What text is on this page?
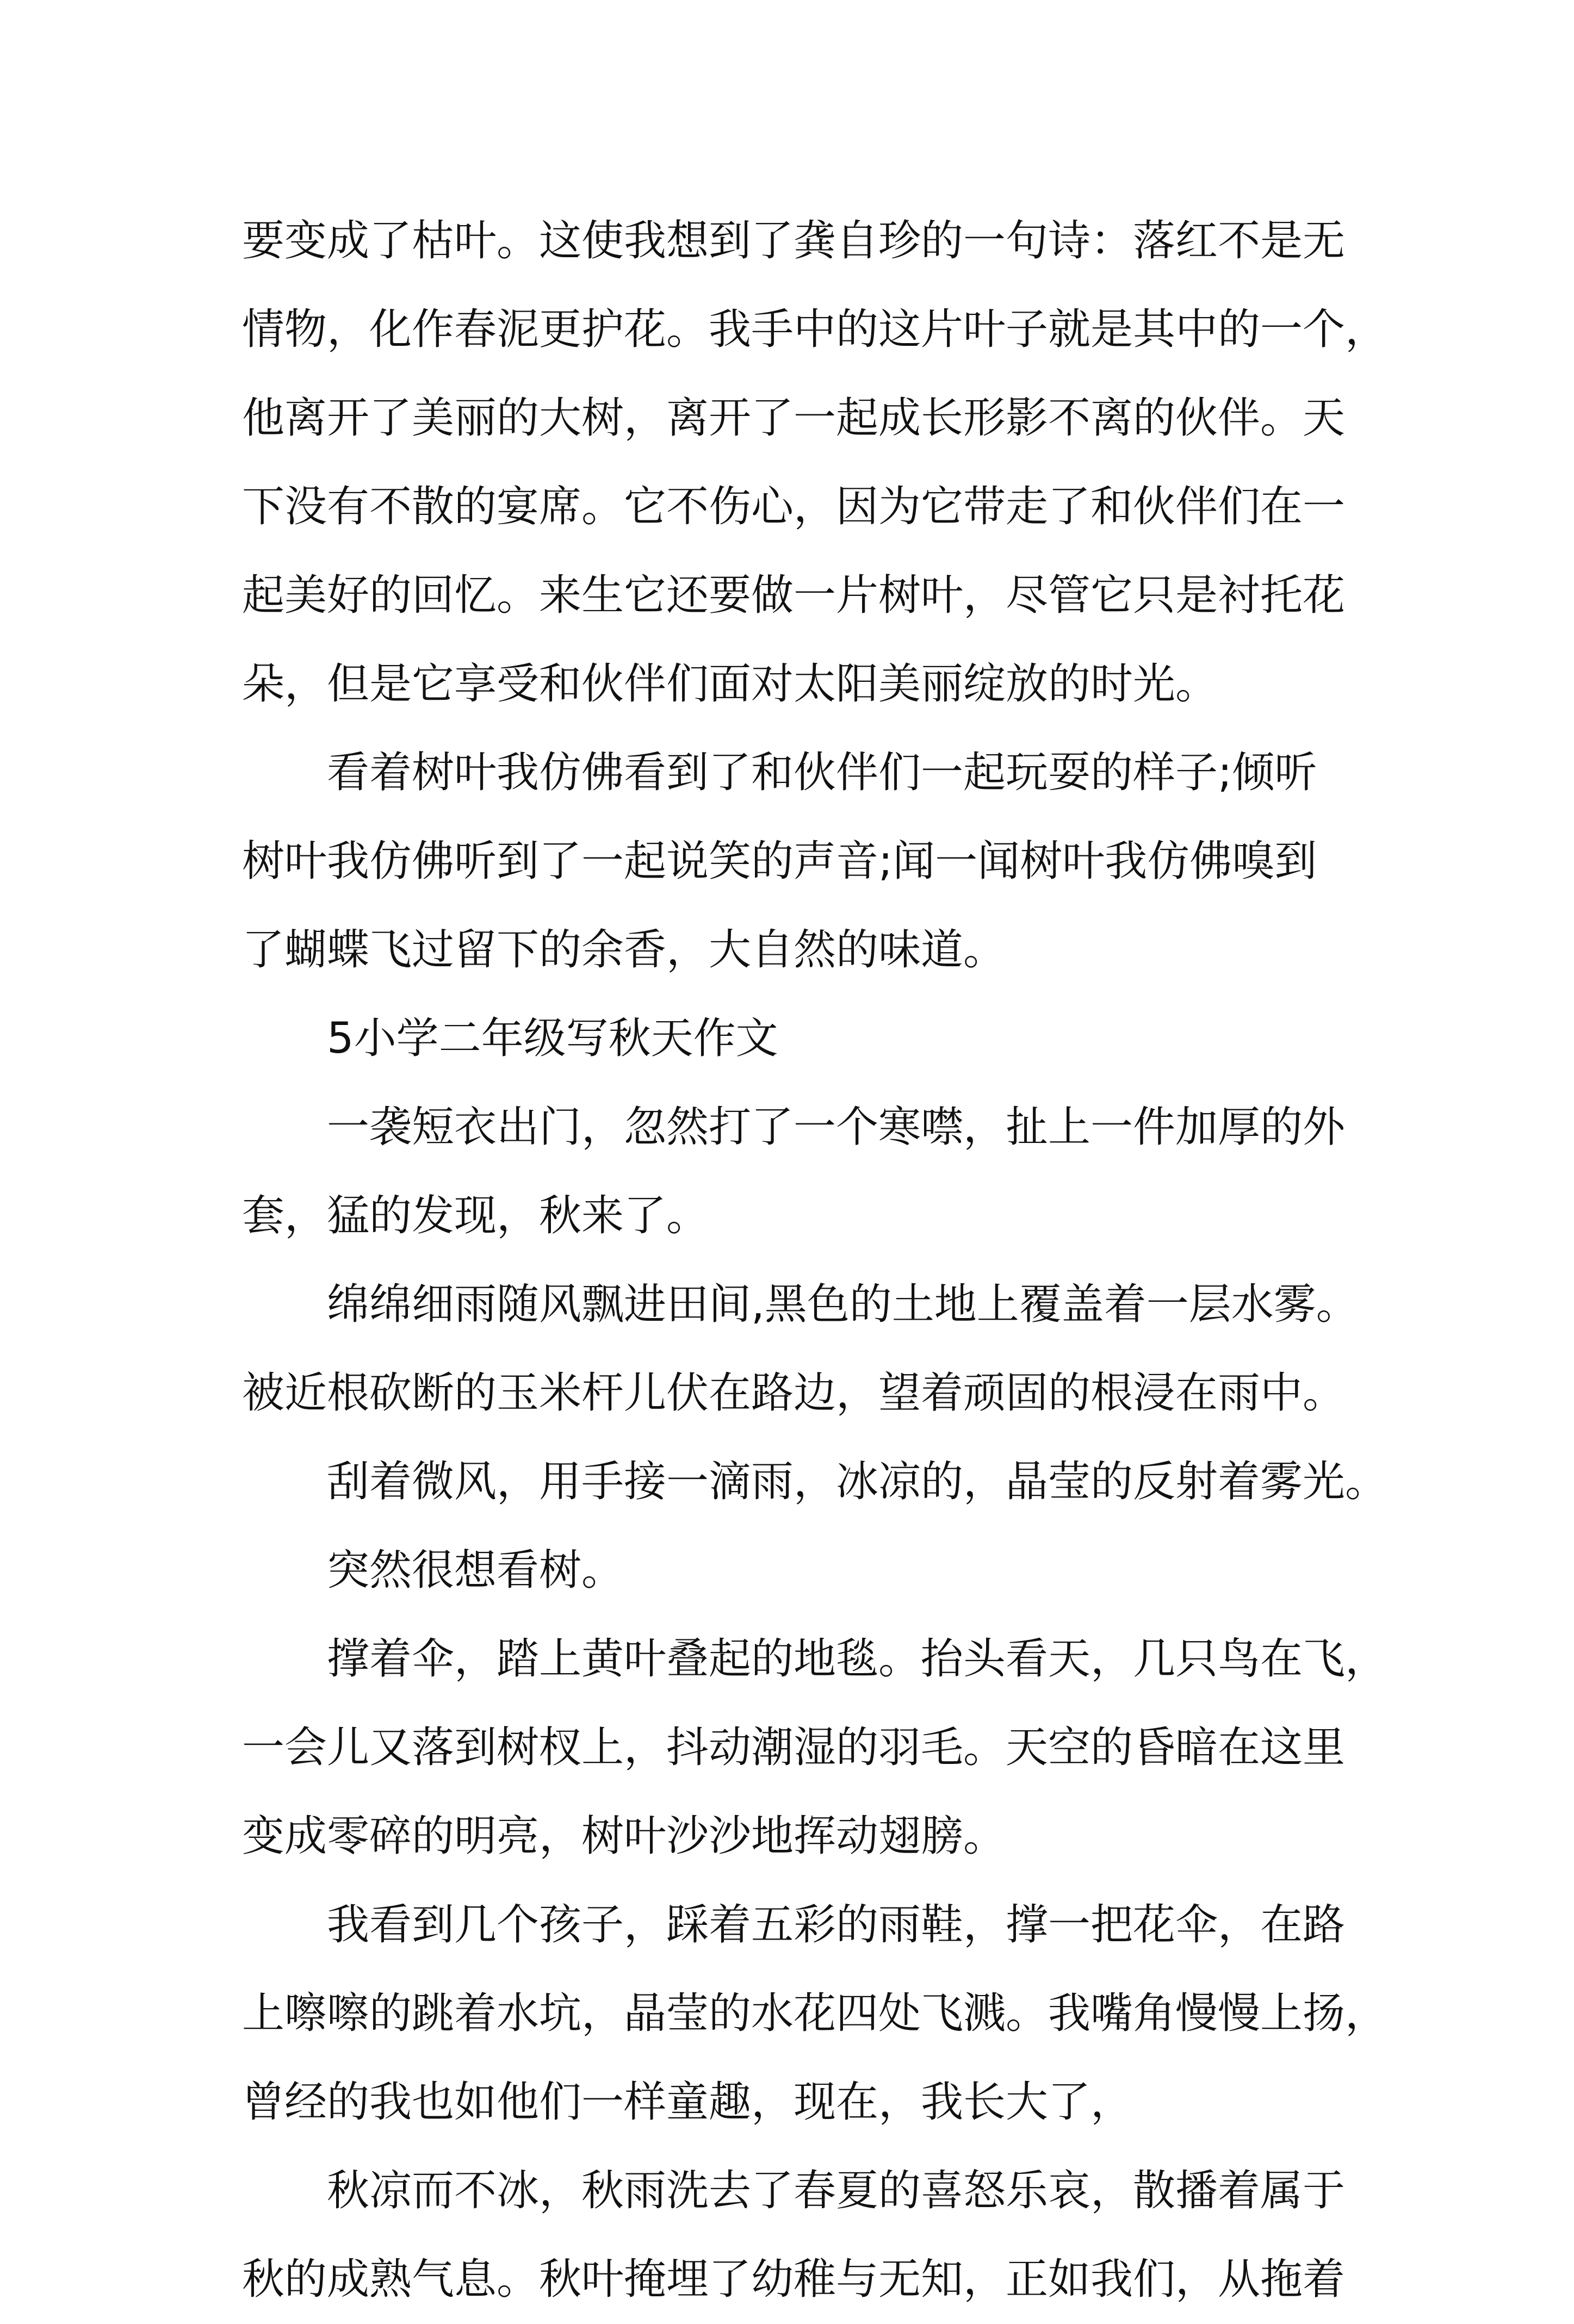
要变成了枯叶。这使我想到了龚自珍的一句诗：落红不是无
情物，化作春泥更护花。我手中的这片叶子就是其中的一个，
他离开了美丽的大树，离开了一起成长形影不离的伙伴。天
下没有不散的宴席。它不伤心，因为它带走了和伙伴们在一
起美好的回忆。来生它还要做一片树叶，尽管它只是衬托花
朵，但是它享受和伙伴们面对太阳美丽绽放的时光。
看着树叶我仿佛看到了和伙伴们一起玩耍的样子;倾听
树叶我仿佛听到了一起说笑的声音;闻一闻树叶我仿佛嗅到
了蝴蝶飞过留下的余香，大自然的味道。
5小学二年级写秋天作文
一袭短衣出门，忽然打了一个寒噤，扯上一件加厚的外
套，猛的发现，秋来了。
绵绵细雨随风飘进田间,黑色的土地上覆盖着一层水雾。
被近根砍断的玉米杆儿伏在路边，望着顽固的根浸在雨中。
刮着微风，用手接一滴雨，冰凉的，晶莹的反射着雾光。
突然很想看树。
撑着伞，踏上黄叶叠起的地毯。抬头看天，几只鸟在飞，
一会儿又落到树杈上，抖动潮湿的羽毛。天空的昏暗在这里
变成零碎的明亮，树叶沙沙地挥动翅膀。
我看到几个孩子，踩着五彩的雨鞋，撑一把花伞，在路
上嚓嚓的跳着水坑，晶莹的水花四处飞溅。我嘴角慢慢上扬，
曾经的我也如他们一样童趣，现在，我长大了，
秋凉而不冰，秋雨洗去了春夏的喜怒乐哀，散播着属于
秋的成熟气息。秋叶掩埋了幼稚与无知，正如我们，从拖着
